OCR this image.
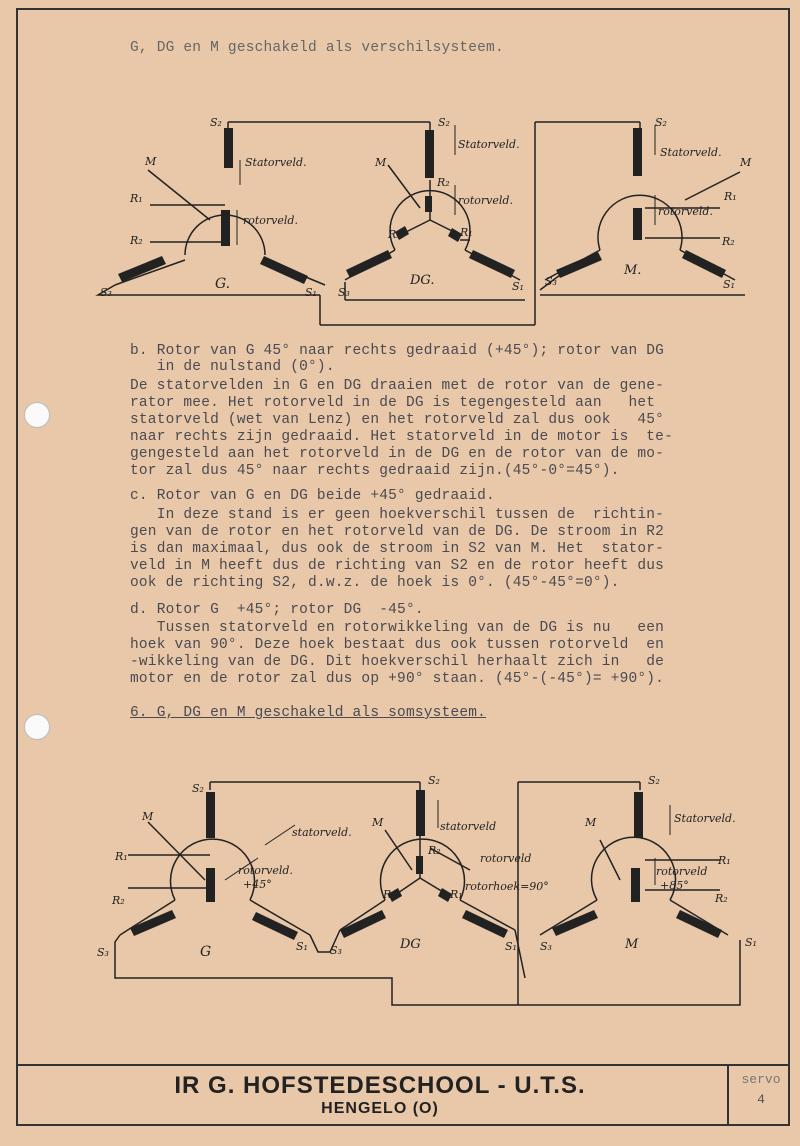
G, DG en M geschakeld als verschilsysteem.
M
R₁
R₂
S₂
S₃	S₁
G.
Statorveld.
rotorveld.
M
S₂
Statorveld.
R₂
rotorveld.
R₃	R₁
DG.
S₃	S₁
S₂
Statorveld.
rotorveld.
M
R₁
R₂
M.
S₃	S₁
b. Rotor van G 45° naar rechts gedraaid (+45°); rotor van DG
in de nulstand (0°).
De statorvelden in G en DG draaien met de rotor van de gene-
rator mee. Het rotorveld in de DG is tegengesteld aan   het
statorveld (wet van Lenz) en het rotorveld zal dus ook   45°
naar rechts zijn gedraaid. Het statorveld in de motor is  te-
gengesteld aan het rotorveld in de DG en de rotor van de mo-
tor zal dus 45° naar rechts gedraaid zijn.(45°-0°=45°).
c. Rotor van G en DG beide +45° gedraaid.
In deze stand is er geen hoekverschil tussen de  richtin-
gen van de rotor en het rotorveld van de DG. De stroom in R2
is dan maximaal, dus ook de stroom in S2 van M. Het  stator-
veld in M heeft dus de richting van S2 en de rotor heeft dus
ook de richting S2, d.w.z. de hoek is 0°. (45°-45°=0°).
d. Rotor G  +45°; rotor DG  -45°.
Tussen statorveld en rotorwikkeling van de DG is nu   een
hoek van 90°. Deze hoek bestaat dus ook tussen rotorveld  en
-wikkeling van de DG. Dit hoekverschil herhaalt zich in   de
motor en de rotor zal dus op +90° staan. (45°-(-45°)= +90°).
6. G, DG en M geschakeld als somsysteem.
S₂
M
R₁
R₂
S₃	S₁
G
statorveld.
rotorveld.
+45°
S₂
M	statorveld
rotorveld
rotorhoek=90°
R₂
R₃	R₁
DG
S₃	S₁ S₃
S₂
M	Statorveld.
rotorveld
+85°
R₁
R₂
M	S₁
IR G. HOFSTEDESCHOOL - U.T.S.
HENGELO (O)
servo
4
